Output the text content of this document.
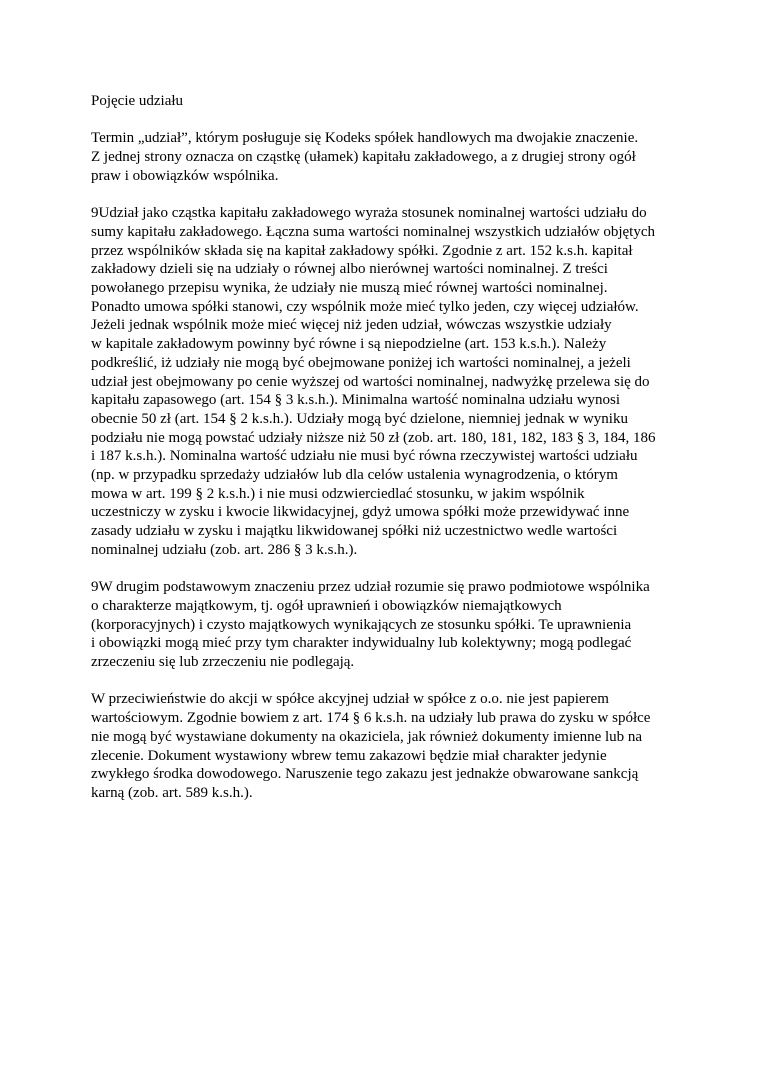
Pojęcie udziału

Termin „udział”, którym posługuje się Kodeks spółek handlowych ma dwojakie znaczenie.
Z jednej strony oznacza on cząstkę (ułamek) kapitału zakładowego, a z drugiej strony ogół
praw i obowiązków wspólnika.

9Udział jako cząstka kapitału zakładowego wyraża stosunek nominalnej wartości udziału do
sumy kapitału zakładowego. Łączna suma wartości nominalnej wszystkich udziałów objętych
przez wspólników składa się na kapitał zakładowy spółki. Zgodnie z art. 152 k.s.h. kapitał
zakładowy dzieli się na udziały o równej albo nierównej wartości nominalnej. Z treści
powołanego przepisu wynika, że udziały nie muszą mieć równej wartości nominalnej.
Ponadto umowa spółki stanowi, czy wspólnik może mieć tylko jeden, czy więcej udziałów.
Jeżeli jednak wspólnik może mieć więcej niż jeden udział, wówczas wszystkie udziały
w kapitale zakładowym powinny być równe i są niepodzielne (art. 153 k.s.h.). Należy
podkreślić, iż udziały nie mogą być obejmowane poniżej ich wartości nominalnej, a jeżeli
udział jest obejmowany po cenie wyższej od wartości nominalnej, nadwyżkę przelewa się do
kapitału zapasowego (art. 154 § 3 k.s.h.). Minimalna wartość nominalna udziału wynosi
obecnie 50 zł (art. 154 § 2 k.s.h.). Udziały mogą być dzielone, niemniej jednak w wyniku
podziału nie mogą powstać udziały niższe niż 50 zł (zob. art. 180, 181, 182, 183 § 3, 184, 186
i 187 k.s.h.). Nominalna wartość udziału nie musi być równa rzeczywistej wartości udziału
(np. w przypadku sprzedaży udziałów lub dla celów ustalenia wynagrodzenia, o którym
mowa w art. 199 § 2 k.s.h.) i nie musi odzwierciedlać stosunku, w jakim wspólnik
uczestniczy w zysku i kwocie likwidacyjnej, gdyż umowa spółki może przewidywać inne
zasady udziału w zysku i majątku likwidowanej spółki niż uczestnictwo wedle wartości
nominalnej udziału (zob. art. 286 § 3 k.s.h.).

9W drugim podstawowym znaczeniu przez udział rozumie się prawo podmiotowe wspólnika
o charakterze majątkowym, tj. ogół uprawnień i obowiązków niemajątkowych
(korporacyjnych) i czysto majątkowych wynikających ze stosunku spółki. Te uprawnienia
i obowiązki mogą mieć przy tym charakter indywidualny lub kolektywny; mogą podlegać
zrzeczeniu się lub zrzeczeniu nie podlegają.

W przeciwieństwie do akcji w spółce akcyjnej udział w spółce z o.o. nie jest papierem
wartościowym. Zgodnie bowiem z art. 174 § 6 k.s.h. na udziały lub prawa do zysku w spółce
nie mogą być wystawiane dokumenty na okaziciela, jak również dokumenty imienne lub na
zlecenie. Dokument wystawiony wbrew temu zakazowi będzie miał charakter jedynie
zwykłego środka dowodowego. Naruszenie tego zakazu jest jednakże obwarowane sankcją
karną (zob. art. 589 k.s.h.).
